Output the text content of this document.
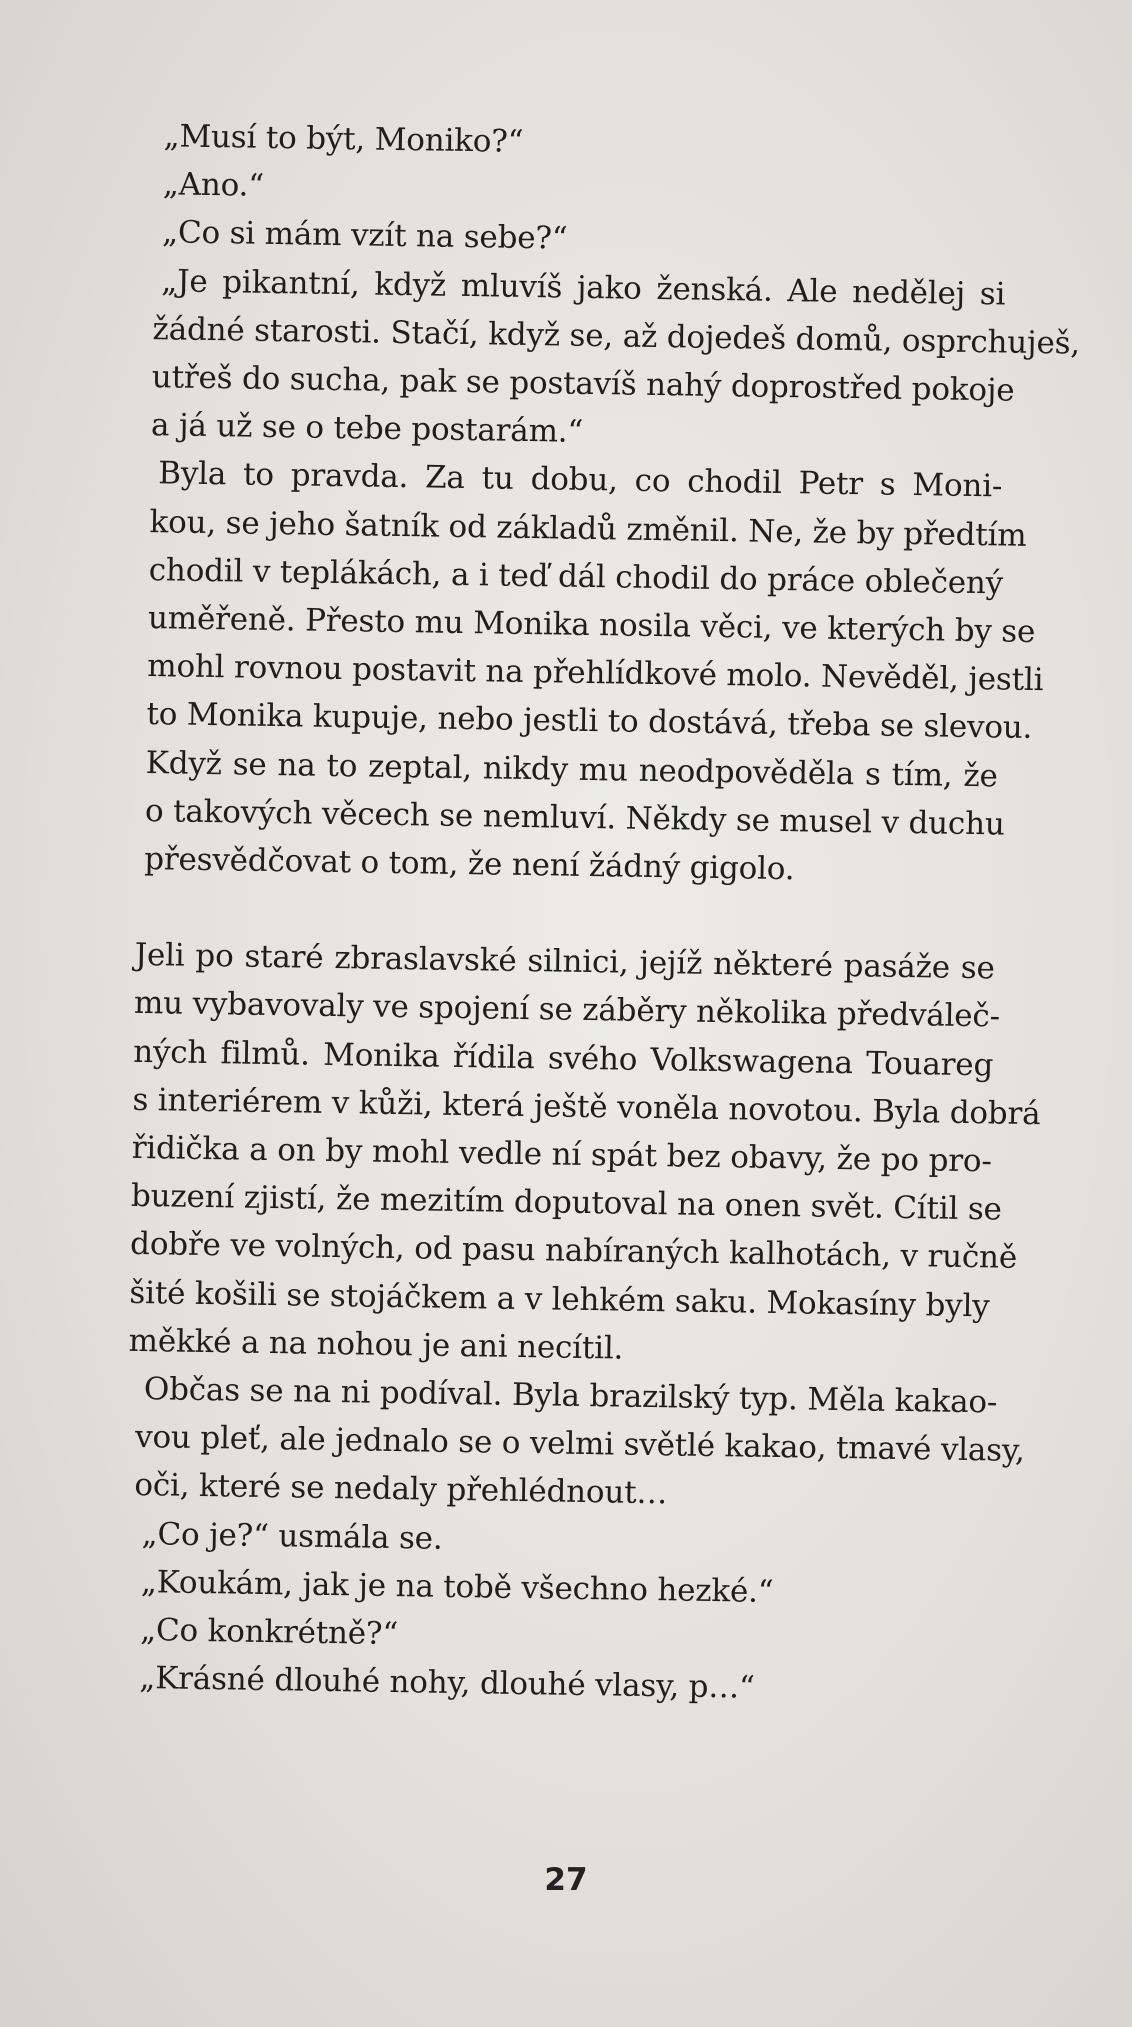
„Musí to být, Moniko?“
„Ano.“
„Co si mám vzít na sebe?“
„Je pikantní, když mluvíš jako ženská. Ale nedělej si
žádné starosti. Stačí, když se, až dojedeš domů, osprchuješ,
utřeš do sucha, pak se postavíš nahý doprostřed pokoje
a já už se o tebe postarám.“
Byla to pravda. Za tu dobu, co chodil Petr s Moni-
kou, se jeho šatník od základů změnil. Ne, že by předtím
chodil v teplákách, a i teď dál chodil do práce oblečený
uměřeně. Přesto mu Monika nosila věci, ve kterých by se
mohl rovnou postavit na přehlídkové molo. Nevěděl, jestli
to Monika kupuje, nebo jestli to dostává, třeba se slevou.
Když se na to zeptal, nikdy mu neodpověděla s tím, že
o takových věcech se nemluví. Někdy se musel v duchu
přesvědčovat o tom, že není žádný gigolo.
Jeli po staré zbraslavské silnici, jejíž některé pasáže se
mu vybavovaly ve spojení se záběry několika předváleč-
ných filmů. Monika řídila svého Volkswagena Touareg
s interiérem v kůži, která ještě voněla novotou. Byla dobrá
řidička a on by mohl vedle ní spát bez obavy, že po pro-
buzení zjistí, že mezitím doputoval na onen svět. Cítil se
dobře ve volných, od pasu nabíraných kalhotách, v ručně
šité košili se stojáčkem a v lehkém saku. Mokasíny byly
měkké a na nohou je ani necítil.
Občas se na ni podíval. Byla brazilský typ. Měla kakao-
vou pleť, ale jednalo se o velmi světlé kakao, tmavé vlasy,
oči, které se nedaly přehlédnout…
„Co je?“ usmála se.
„Koukám, jak je na tobě všechno hezké.“
„Co konkrétně?“
„Krásné dlouhé nohy, dlouhé vlasy, p…“
27
